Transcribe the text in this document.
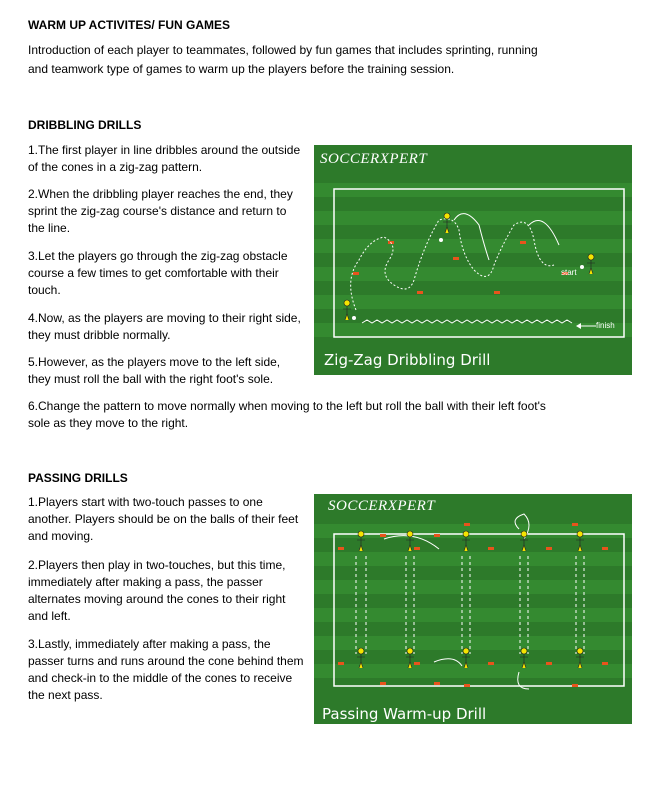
WARM UP ACTIVITES/ FUN GAMES
Introduction of each player to teammates, followed by fun games that includes sprinting, running
and teamwork type of games to warm up the players before the training session.
DRIBBLING DRILLS
1.The first player in line dribbles around the outside
of the cones in a zig-zag pattern.
2.When the dribbling player reaches the end, they
sprint the zig-zag course's distance and return to
the line.
3.Let the players go through the zig-zag obstacle
course a few times to get comfortable with their
touch.
4.Now, as the players are moving to their right side,
they must dribble normally.
5.However, as the players move to the left side,
they must roll the ball with the right foot's sole.
6.Change the pattern to move normally when moving to the left but roll the ball with their left foot's
sole as they move to the right.
SOCCERXPERT
start
finish
Zig-Zag Dribbling Drill
PASSING DRILLS
1.Players start with two-touch passes to one
another. Players should be on the balls of their feet
and moving.
2.Players then play in two-touches, but this time,
immediately after making a pass, the passer
alternates moving around the cones to their right
and left.
3.Lastly, immediately after making a pass, the
passer turns and runs around the cone behind them
and check-in to the middle of the cones to receive
the next pass.
SOCCERXPERT
Passing Warm-up Drill
